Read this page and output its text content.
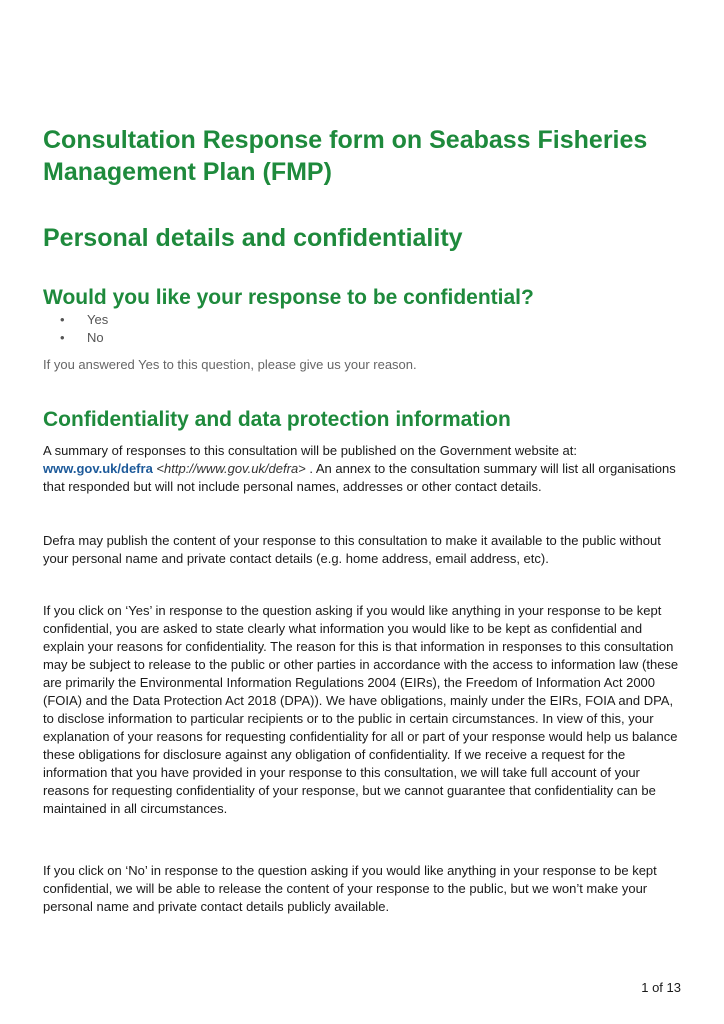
Consultation Response form on Seabass Fisheries Management Plan (FMP)
Personal details and confidentiality
Would you like your response to be confidential?
• Yes
• No
If you answered Yes to this question, please give us your reason.
Confidentiality and data protection information

A summary of responses to this consultation will be published on the Government website at: www.gov.uk/defra <http://www.gov.uk/defra> . An annex to the consultation summary will list all organisations that responded but will not include personal names, addresses or other contact details.

Defra may publish the content of your response to this consultation to make it available to the public without your personal name and private contact details (e.g. home address, email address, etc).

If you click on ‘Yes’ in response to the question asking if you would like anything in your response to be kept confidential, you are asked to state clearly what information you would like to be kept as confidential and explain your reasons for confidentiality. The reason for this is that information in responses to this consultation may be subject to release to the public or other parties in accordance with the access to information law (these are primarily the Environmental Information Regulations 2004 (EIRs), the Freedom of Information Act 2000 (FOIA) and the Data Protection Act 2018 (DPA)). We have obligations, mainly under the EIRs, FOIA and DPA, to disclose information to particular recipients or to the public in certain circumstances. In view of this, your explanation of your reasons for requesting confidentiality for all or part of your response would help us balance these obligations for disclosure against any obligation of confidentiality. If we receive a request for the information that you have provided in your response to this consultation, we will take full account of your reasons for requesting confidentiality of your response, but we cannot guarantee that confidentiality can be maintained in all circumstances.

If you click on ‘No’ in response to the question asking if you would like anything in your response to be kept confidential, we will be able to release the content of your response to the public, but we won’t make your personal name and private contact details publicly available.

1 of 13
